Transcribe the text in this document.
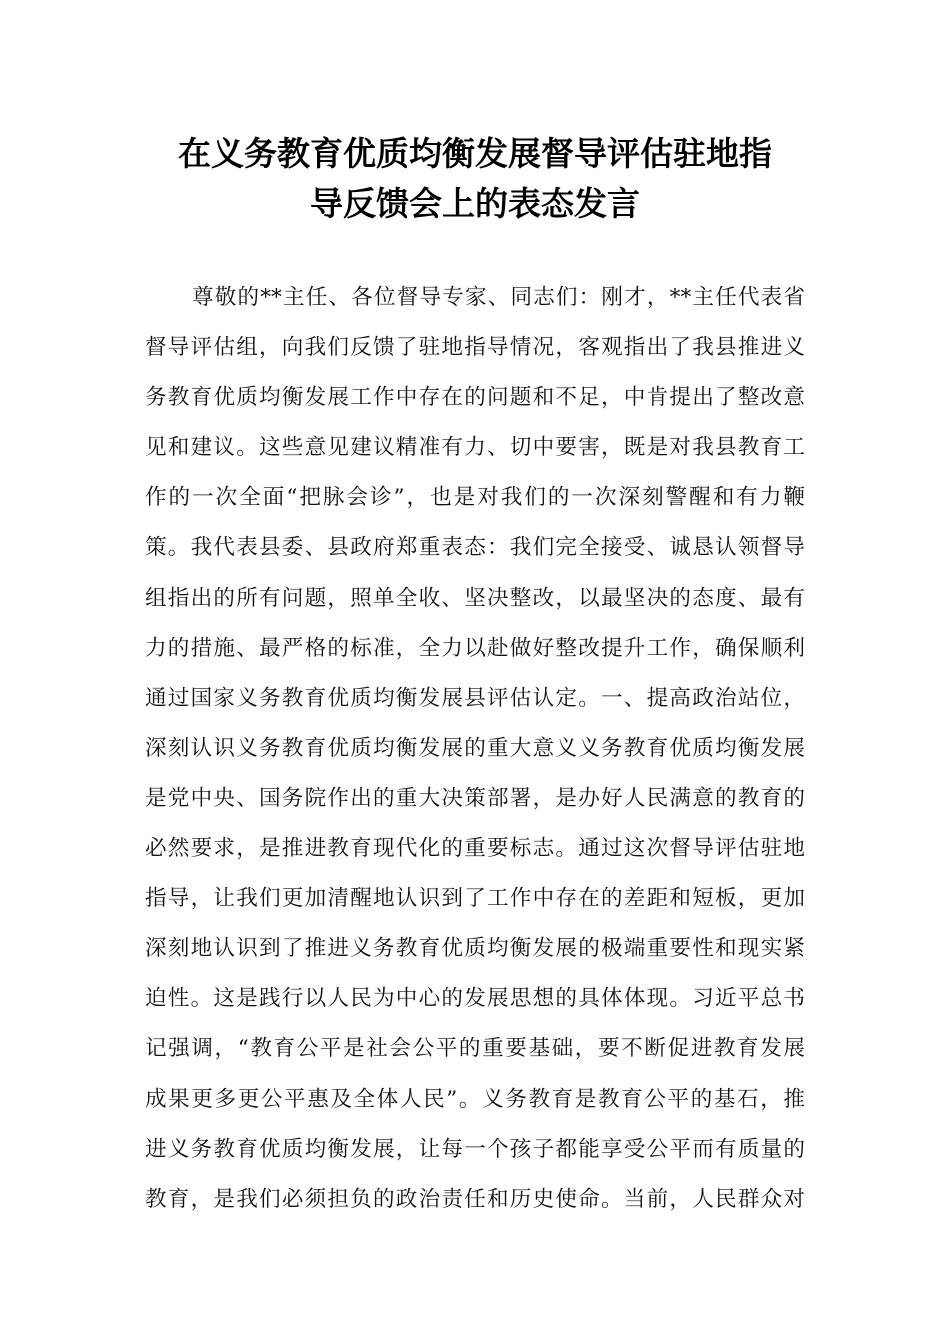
在义务教育优质均衡发展督导评估驻地指
导反馈会上的表态发言
尊敬的**主任、各位督导专家、同志们：刚才，**主任代表省
督导评估组，向我们反馈了驻地指导情况，客观指出了我县推进义
务教育优质均衡发展工作中存在的问题和不足，中肯提出了整改意
见和建议。这些意见建议精准有力、切中要害，既是对我县教育工
作的一次全面“把脉会诊”，也是对我们的一次深刻警醒和有力鞭
策。我代表县委、县政府郑重表态：我们完全接受、诚恳认领督导
组指出的所有问题，照单全收、坚决整改，以最坚决的态度、最有
力的措施、最严格的标准，全力以赴做好整改提升工作，确保顺利
通过国家义务教育优质均衡发展县评估认定。一、提高政治站位，
深刻认识义务教育优质均衡发展的重大意义义务教育优质均衡发展
是党中央、国务院作出的重大决策部署，是办好人民满意的教育的
必然要求，是推进教育现代化的重要标志。通过这次督导评估驻地
指导，让我们更加清醒地认识到了工作中存在的差距和短板，更加
深刻地认识到了推进义务教育优质均衡发展的极端重要性和现实紧
迫性。这是践行以人民为中心的发展思想的具体体现。习近平总书
记强调，“教育公平是社会公平的重要基础，要不断促进教育发展
成果更多更公平惠及全体人民”。义务教育是教育公平的基石，推
进义务教育优质均衡发展，让每一个孩子都能享受公平而有质量的
教育，是我们必须担负的政治责任和历史使命。当前，人民群众对
